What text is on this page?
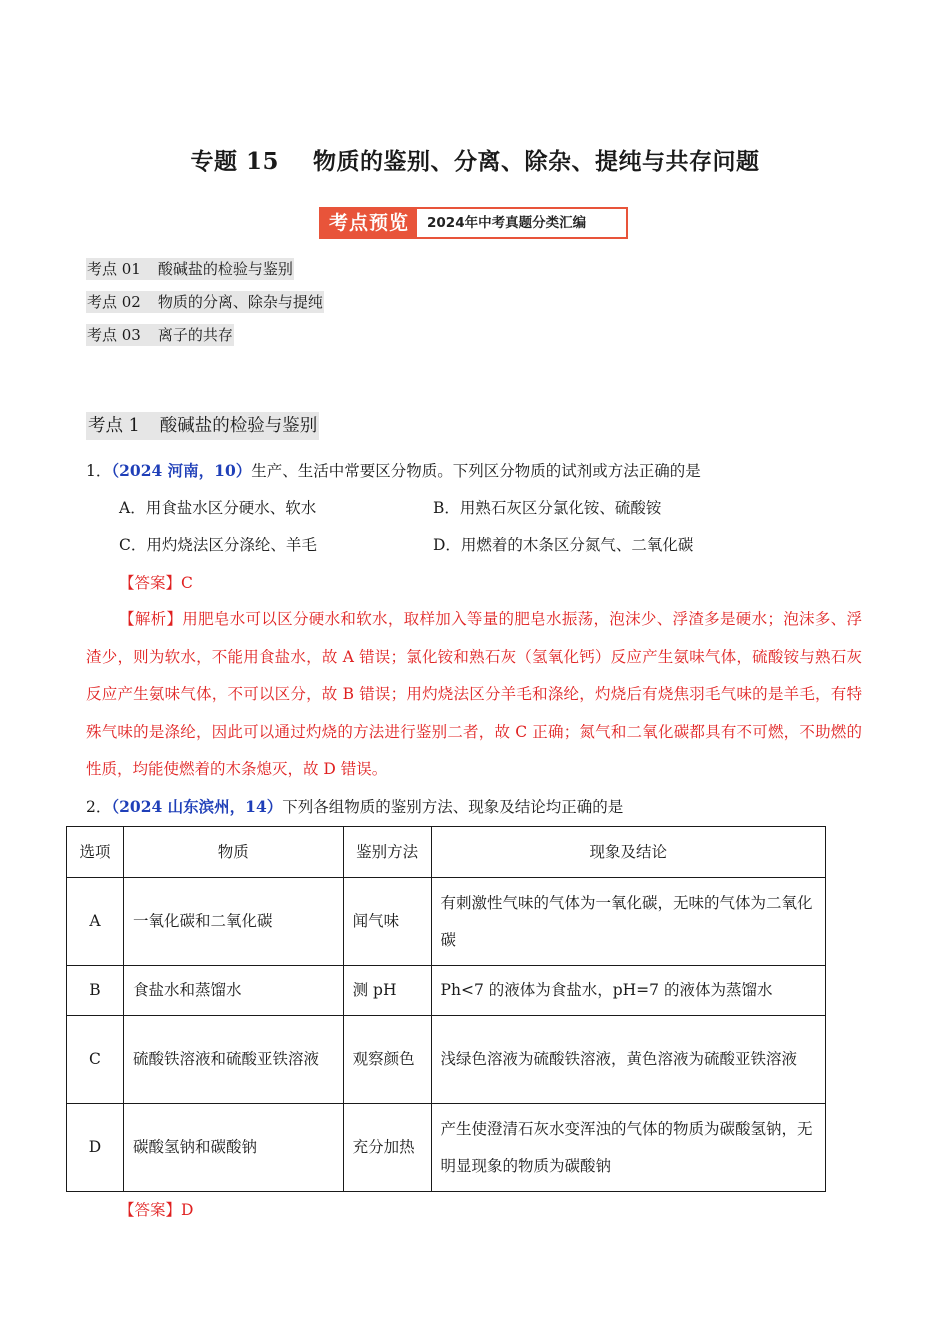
专题 15 物质的鉴别、分离、除杂、提纯与共存问题
考点预览	2024年中考真题分类汇编
考点 01 酸碱盐的检验与鉴别
考点 02 物质的分离、除杂与提纯
考点 03 离子的共存
考点 1 酸碱盐的检验与鉴别
1．（2024 河南，10）生产、生活中常要区分物质。下列区分物质的试剂或方法正确的是
A．用食盐水区分硬水、软水	B．用熟石灰区分氯化铵、硫酸铵
C．用灼烧法区分涤纶、羊毛	D．用燃着的木条区分氮气、二氧化碳
【答案】C
【解析】用肥皂水可以区分硬水和软水，取样加入等量的肥皂水振荡，泡沫少、浮渣多是硬水；泡沫多、浮渣少，则为软水，不能用食盐水，故 A 错误；氯化铵和熟石灰（氢氧化钙）反应产生氨味气体，硫酸铵与熟石灰反应产生氨味气体，不可以区分，故 B 错误；用灼烧法区分羊毛和涤纶，灼烧后有烧焦羽毛气味的是羊毛，有特殊气味的是涤纶，因此可以通过灼烧的方法进行鉴别二者，故 C 正确；氮气和二氧化碳都具有不可燃，不助燃的性质，均能使燃着的木条熄灭，故 D 错误。
2．（2024 山东滨州，14）下列各组物质的鉴别方法、现象及结论均正确的是
选项	物质	鉴别方法	现象及结论
A	一氧化碳和二氧化碳	闻气味	有刺激性气味的气体为一氧化碳，无味的气体为二氧化碳
B	食盐水和蒸馏水	测 pH	Ph<7 的液体为食盐水，pH=7 的液体为蒸馏水
C	硫酸铁溶液和硫酸亚铁溶液	观察颜色	浅绿色溶液为硫酸铁溶液，黄色溶液为硫酸亚铁溶液
D	碳酸氢钠和碳酸钠	充分加热	产生使澄清石灰水变浑浊的气体的物质为碳酸氢钠，无明显现象的物质为碳酸钠
【答案】D
